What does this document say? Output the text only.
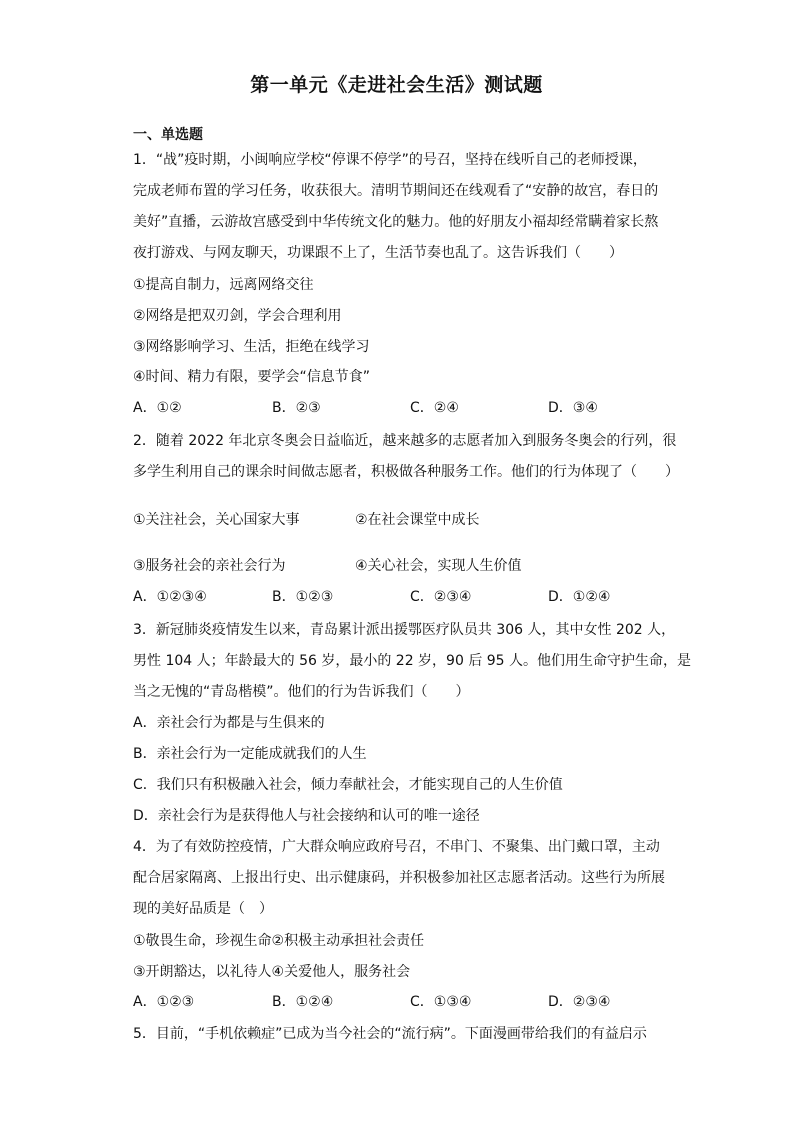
第一单元《走进社会生活》测试题
一、单选题
1．“战”疫时期，小闽响应学校“停课不停学”的号召，坚持在线听自己的老师授课，
完成老师布置的学习任务，收获很大。清明节期间还在线观看了“安静的故宫，春日的
美好”直播，云游故宫感受到中华传统文化的魅力。他的好朋友小福却经常瞒着家长熬
夜打游戏、与网友聊天，功课跟不上了，生活节奏也乱了。这告诉我们（　　）
①提高自制力，远离网络交往
②网络是把双刃剑，学会合理利用
③网络影响学习、生活，拒绝在线学习
④时间、精力有限，要学会“信息节食”
A．①②	B．②③	C．②④	D．③④
2．随着 2022 年北京冬奥会日益临近，越来越多的志愿者加入到服务冬奥会的行列，很
多学生利用自己的课余时间做志愿者，积极做各种服务工作。他们的行为体现了（　　）
①关注社会，关心国家大事	②在社会课堂中成长
③服务社会的亲社会行为	④关心社会，实现人生价值
A．①②③④	B．①②③	C．②③④	D．①②④
3．新冠肺炎疫情发生以来，青岛累计派出援鄂医疗队员共 306 人，其中女性 202 人，
男性 104 人；年龄最大的 56 岁，最小的 22 岁，90 后 95 人。他们用生命守护生命，是
当之无愧的“青岛楷模”。他们的行为告诉我们（　　）
A．亲社会行为都是与生俱来的
B．亲社会行为一定能成就我们的人生
C．我们只有积极融入社会，倾力奉献社会，才能实现自己的人生价值
D．亲社会行为是获得他人与社会接纳和认可的唯一途径
4．为了有效防控疫情，广大群众响应政府号召，不串门、不聚集、出门戴口罩，主动
配合居家隔离、上报出行史、出示健康码，并积极参加社区志愿者活动。这些行为所展
现的美好品质是（　）
①敬畏生命，珍视生命②积极主动承担社会责任
③开朗豁达，以礼待人④关爱他人，服务社会
A．①②③	B．①②④	C．①③④	D．②③④
5．目前，“手机依赖症”已成为当今社会的“流行病”。下面漫画带给我们的有益启示
